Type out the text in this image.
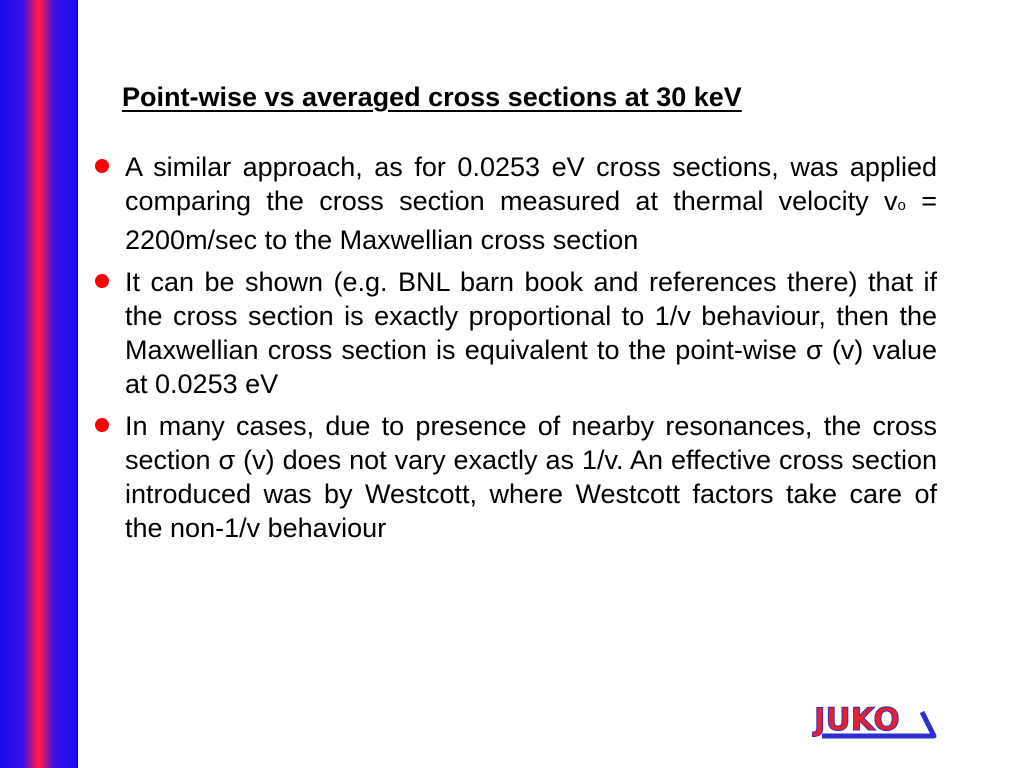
Point-wise vs averaged cross sections at 30 keV
A similar approach, as for 0.0253 eV cross sections, was applied comparing the cross section measured at thermal velocity vo = 2200m/sec to the Maxwellian cross section
It can be shown (e.g. BNL barn book and references there) that if the cross section is exactly proportional to 1/v behaviour, then the Maxwellian cross section is equivalent to the point-wise σ (v) value at 0.0253 eV
In many cases, due to presence of nearby resonances, the cross section σ (v) does not vary exactly as 1/v. An effective cross section introduced was by Westcott, where Westcott factors take care of the non-1/v behaviour
JUKO
